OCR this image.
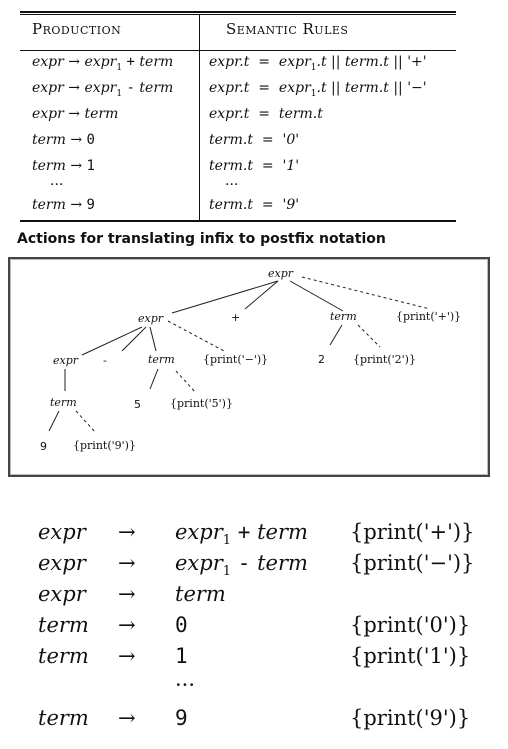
Production	Semantic Rules
expr → expr$_1$ + term	expr.t = expr$_1$.t || term.t || '+'
expr → expr$_1$ - term	expr.t = expr$_1$.t || term.t || '−'
expr → term	expr.t = term.t
term → 0	term.t = '0'
term → 1	term.t = '1'
···	···
term → 9	term.t = '9'
Actions for translating infix to postfix notation
expr
+	term	{print('+')}
expr
2	{print('2')}
expr -	term	{print('−')}
5	{print('5')}
term
9 {print('9')}
expr → expr$_1$ + term {print('+')}
expr → expr$_1$ - term {print('−')}
expr → term
term → 0	{print('0')}
term → 1	{print('1')}
···
term → 9	{print('9')}
